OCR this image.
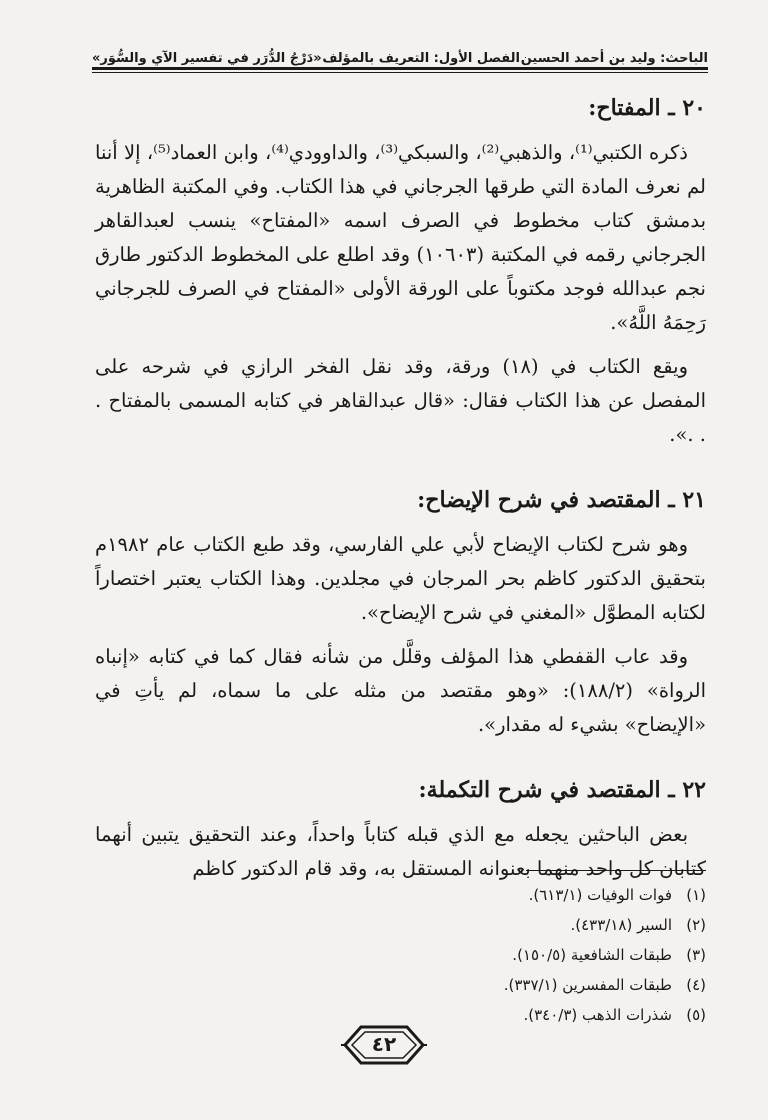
الباحث: وليد بن أحمد الحسين
الفصل الأول: التعريف بالمؤلف
«دَرْجُ الدُّرَر في تفسير الآي والسُّوَر»
٢٠ ـ المفتاح:

ذكره الكتبي⁽¹⁾، والذهبي⁽²⁾، والسبكي⁽³⁾، والداوودي⁽⁴⁾، وابن العماد⁽⁵⁾، إلا أننا لم نعرف المادة التي طرقها الجرجاني في هذا الكتاب. وفي المكتبة الظاهرية بدمشق كتاب مخطوط في الصرف اسمه «المفتاح» ينسب لعبدالقاهر الجرجاني رقمه في المكتبة (١٠٦٠٣) وقد اطلع على المخطوط الدكتور طارق نجم عبدالله فوجد مكتوباً على الورقة الأولى «المفتاح في الصرف للجرجاني رَحِمَهُ اللَّهُ».

ويقع الكتاب في (١٨) ورقة، وقد نقل الفخر الرازي في شرحه على المفصل عن هذا الكتاب فقال: «قال عبدالقاهر في كتابه المسمى بالمفتاح . . .».

٢١ ـ المقتصد في شرح الإيضاح:

وهو شرح لكتاب الإيضاح لأبي علي الفارسي، وقد طبع الكتاب عام ١٩٨٢م بتحقيق الدكتور كاظم بحر المرجان في مجلدين. وهذا الكتاب يعتبر اختصاراً لكتابه المطوَّل «المغني في شرح الإيضاح».

وقد عاب القفطي هذا المؤلف وقلَّل من شأنه فقال كما في كتابه «إنباه الرواة» (١٨٨/٢): «وهو مقتصد من مثله على ما سماه، لم يأتِ في «الإيضاح» بشيء له مقدار».

٢٢ ـ المقتصد في شرح التكملة:

بعض الباحثين يجعله مع الذي قبله كتاباً واحداً، وعند التحقيق يتبين أنهما كتابان كل واحد منهما بعنوانه المستقل به، وقد قام الدكتور كاظم

(١)
فوات الوفيات (٦١٣/١).
(٢)
السير (٤٣٣/١٨).
(٣)
طبقات الشافعية (١٥٠/٥).
(٤)
طبقات المفسرين (٣٣٧/١).
(٥)
شذرات الذهب (٣٤٠/٣).
٤٢
